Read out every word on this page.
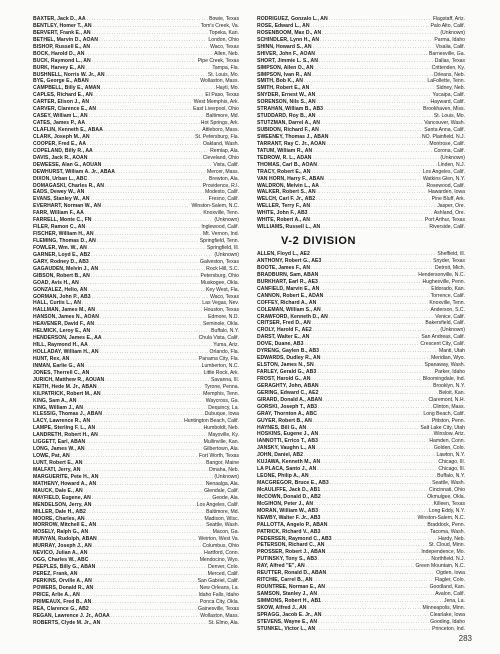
BAXTER, Jack D., AA . . .	Bowie, Texas
BENTLEY, Homer T., AN . . .	Tom's Creek, Va.
BERVERT, Frank E., AN . . .	Topeka, Kan.
BETHEL, Marvin D., AOAN . . .	London, Ohio
BISHOP, Russell E., AN . . .	Waco, Texas
BOCK, Harold D., AN . . .	Allen, Neb.
BUCK, Raymond L., AN . . .	Pipe Creek, Texas
BURK, Harvey E., AN . . .	Tampa, Fla.
BUSHNELL, Norris W. Jr., AN . . .	St. Louis, Mo.
BYE, George E., ABAN . . .	Wollaston, Mass.
CAMPBELL, Billy E., AMAN . . .	Hayti, Mo.
CAPLES, Richard E., AN . . .	El Paso, Texas
CARTER, Elison J., AN . . .	West Memphis, Ark.
CARVER, Clarence E., AN . . .	East Liverpool, Ohio
CASEY, William L., AN . . .	Baltimore, Md.
CATES, James P., AA . . .	Hot Springs, Ark.
CLAFLIN, Kenneth E., ABAA . . .	Attleboro, Mass.
CLARK, Joseph M., AN . . .	St. Petersburg, Fla.
COOPER, Fred E., AA . . .	Oakland, Wash.
COPELAND, Billy R., AA . . .	Remlap, Ala.
DAVIS, Jack R., AOAN . . .	Cleveland, Ohio
DEWEESE, Alan G., AOUAN . . .	Vista, Calif.
DEWHURST, William A. Jr., ABAA . . .	Mercer, Mass.
DIXON, Urban L., ABC . . .	Brewton, Ala.
DOMAGASKI, Charles R., AN . . .	Providence, R.I.
EADS, Dewey W., AN . . .	Modesto, Calif.
EVANS, Stanley W., AN . . .	Fresno, Calif.
EVERHART, Norman W., AN . . .	Winston-Salem, N.C.
FARR, William F., AA . . .	Knoxville, Tenn.
FARRELL, Monte C., FN . . .	(Unknown)
FILER, Ramon C., AN . . .	Inglewood, Calif.
FISCHER, William H., AN . . .	Mt. Vernon, Ind.
FLEMING, Thomas D., AN . . .	Springfield, Tenn.
FOWLER, Wm. W., AN . . .	Springfield, Ill.
GARNER, Loyd E., AB2 . . .	(Unknown)
GARY, Rodney D., AB3 . . .	Galveston, Texas
GAGAUDEN, Melvin J., AN . . .	Rock Hill, S.C.
GIBSON, Robert B., AN . . .	Petersburg, Ohio
GOAD, Avis H., AN . . .	Muskogee, Okla.
GONZALEZ, Helio, AN . . .	Key West, Fla.
GORMAN, John P., AB3 . . .	Waco, Texas
HALL, Curtis L., AN . . .	Las Vegas, Nev.
HALLMAN, James M., AN . . .	Houston, Texas
HANSON, James N., AOAN . . .	Edmore, N.D.
HEAVENER, David F., AN . . .	Seminole, Okla.
HELMICK, Leroy E., AN . . .	Buffalo, N.Y.
HENDERSON, James E., AA . . .	Chula Vista, Calif.
HILL, Raymond H., AA . . .	Yuma, Ariz.
HOLLADAY, William H., AN . . .	Orlando, Fla.
HUNT, Rex, AN . . .	Panama City, Fla.
INMAN, Earlie G., AN . . .	Lumberton, N.C.
JONES, Therrell C., AN . . .	Little Rock, Ark.
JURICH, Matthew R., AOUAN . . .	Savanna, Ill.
KEITH, Hede M. Jr., ABAN . . .	Tyrone, Penna.
KILPATRICK, Robert M., AN . . .	Memphis, Tenn.
KING, Sam A., AN . . .	Waycross, Ga.
KING, William J., AN . . .	Dequincy, La.
KLESSIG, Thomas J., ABAN . . .	Dubuque, Iowa
LACY, Lawrence R., AN . . .	Huntington Beach, Calif.
LAMPE, Sterling F. L., AN . . .	Humboldt, Neb.
LANDRETH, Robert H., AN . . .	Maysville, Ky.
LIGGETT, Earl, ABAN . . .	Mullinville, Kan.
LONG, James W., AN . . .	Gilbertown, Ala.
LOWE, Pat, AN . . .	Fort Worth, Texas
LUNT, Robert E., AN . . .	Bangor, Maine
MALFATI, Jerry, AN . . .	Omaha, Neb.
MARGUERITE, Pete H., AN . . .	(Unknown)
MATHENY, Howard A., AN . . .	Nenaalga, Ala.
MAUCK, Dale E., AN . . .	Glendale, Calif.
MAYFIELD, Eugene, AN . . .	Geode, Ala.
MENDELSON, Jerry, AN . . .	Los Angeles, Calif.
MILLER, Dale H., AB2 . . .	Baltimore, Md.
MOORE, Charles, AN . . .	Madison, Wisc.
MORROW, Mitchell E., AN . . .	Seattle, Wash.
MOSELY, Ralph G., AN . . .	Macon, Ga.
MUNYAN, Rudolph, ABAN . . .	Weirton, West Va.
MURRAY, Joseph J., AN . . .	Columbus, Ohio
NEVICO, Julian A., AN . . .	Hartford, Conn.
OGG, Charles W., ABC . . .	Mendocino, Wyo.
PEEPLES, Billy G., ABAN . . .	Denver, Colo.
PEREZ, Frank, AN . . .	Merced, Calif.
PERKINS, Orville A., AN . . .	San Gabriel, Calif.
POWERS, Donald R., AN . . .	New Orleans, La.
PRICE, Arlie A., AN . . .	Idaho Falls, Idaho
PRIMEAUX, Fred B., AN . . .	Ponca City, Okla.
REA, Clarence G., AB2 . . .	Gainesville, Texas
REGAN, Lawrence J. Jr., AOAA . . .	Wollaston, Mass.
ROBERTS, Clyde M. Jr., AN . . .	St. Elmo, Ala.
RODRIGUEZ, Gonzalo L., AN . . .	Flagstaff, Ariz.
ROSE, Edward L., AN . . .	Palo Alto, Calif.
ROSENBOOM, Max D., AN . . .	(Unknown)
SCHINDLER, Lynn H., AN . . .	Parma, Idaho
SHINN, Howard S., AN . . .	Visalia, Calif.
SHIVER, John F., AOAN . . .	Barnesville, Ga.
SHORT, Jimmie L. S., AN . . .	Dallas, Texas
SIMPSON, Allen O., AN . . .	Crittenden, Ky.
SIMPSON, Ivan R., AN . . .	Orleans, Neb.
SMITH, Bob K., AN . . .	LaFollette, Tenn.
SMITH, Robert E., AN . . .	Sidney, Neb.
SNYDER, Ernest W., AN . . .	Yucaipa, Calif.
SORENSON, Nils S., AN . . .	Hayward, Calif.
STRAHAN, William B., AB3 . . .	Brookhaven, Miss.
STUDDARD, Roy B., AN . . .	St. Louis, Mo.
STUTZMAN, Darrel A., AN . . .	Vancouver, Wash.
SUBIDON, Richard F., AN . . .	Santa Anna, Calif.
SWEENEY, Thomas J., ABAN . . .	NO. Plainfield, N.J.
TARRANT, Ray C. Jr., AOAN . . .	Montrose, Calif.
TATUM, William R., AN . . .	Corona, Calif.
TEDROW, R. L., ADAN . . .	(Unknown)
THOMAS, Carl B., AOAN . . .	Linden, N.J.
TRACY, Robert E., AN . . .	Los Angeles, Calif.
VAN HORN, Harry F., ABAN . . .	Watkins Glen, N.Y.
WALDRON, Melvin L., AA . . .	Rosewood, Calif.
WALKER, Robert S., AN . . .	Hawarden, Iowa
WELCH, Carl F. Jr., AB2 . . .	Pine Bluff, Ark.
WELLER, Terry F., AN . . .	Jasper, Ore.
WHITE, John F., AB3 . . .	Ashland, Ore.
WHITE, Robert A., AN . . .	Port Arthur, Texas
WILLIAMS, Russell L., AN . . .	Riverside, Calif.
V-2 DIVISION
ALLEN, Floyd L., AE2 . . .	Sheffield, Ill.
ANTHONY, Robert G., AE3 . . .	Snyder, Texas
BOOTE, James F., AN . . .	Detroit, Mich.
BRADBURN, Sam, ABAN . . .	Hendersonville, N.C.
BURKHART, Earl R., AE3 . . .	Hughesville, Penn.
CANFIELD, Marvin E., AN . . .	Eldorado, Kan.
CANNON, Robert E., ADAN . . .	Torrence, Calif.
COFFEY, Richard A., AN . . .	Knoxville, Tenn.
COLEMAN, William S., AN . . .	Anderson, S.C.
CRAWFORD, Kenneth D., AN . . .	Venice, Calif.
CRITSER, Fred D., AN . . .	Bakersfield, Calif.
CROLY, Harold F., AE2 . . .	(Unknown)
DARST, Walter E., AN . . .	San Andreas, Calif.
DOVE, Duane, AB3 . . .	Crescent City, Calif.
DYRENG, Gaylen B., AB3 . . .	Manti, Utah
EDWARDS, Dudley R., AN . . .	Meridian, Wyo.
ELSTON, James N., SN . . .	Spanaway, Wash.
FARLEY, Gerald G., AB3 . . .	Parker, Idaho
FROST, Harold G., AN . . .	Bloomingdale, Ind.
GERAGHTY, John, ABAN . . .	Brooklyn, N.Y.
GERING, Edward C., AE2 . . .	Beloit, Kan.
GIRARD, Donald A., ABAN . . .	Claremont, N.H.
GORSKI, Joseph T., AB3 . . .	Clinton, Mass.
GRAY, Thornton A., ABC . . .	Long Beach, Calif.
GUYER, Robert B., AN . . .	Pittston, Penn.
HAYNES, Bill G., AN . . .	Salt Lake City, Utah
HOSKINS, Eugene J., AN . . .	Winslow, Ariz.
IANNOTTI, Errico T., AB3 . . .	Hamden, Conn.
JANSKY, Vaughn L., AN . . .	Golden, Colo.
JOHN, Daniel, AB2 . . .	Lawton, N.Y.
KUJAWA, Kenneth M., AN . . .	Chicago, Ill.
LA PLACA, Santo J., AN . . .	Chicago, Ill.
LEONE, Philip A., AN . . .	Buffalo, N.Y.
MACGREGOR, Bruce E., AB3 . . .	Seattle, Wash.
McAULIFFE, Jack D., AB1 . . .	Cincinnati, Ohio
McCOWN, Donald D., AB2 . . .	Okmulgee, Okla.
McGIHON, Peter J., AN . . .	Killeen, Texas
MORAN, William W., AB3 . . .	Long Eddy, N.Y.
NEWBY, Walter F. Jr., AB3 . . .	Winston-Salem, N.C.
PALLOTTA, Angelo P., ABAN . . .	Braddock, Penn.
PATRICK, Richard V., AB3 . . .	Tacoma, Wash.
PEDERSEN, Raymond C., AB3 . . .	Hardy, Neb.
PETERSON, Richard C., AN . . .	St. Cloud, Minn.
PROSSER, Robert J., ABAN . . .	Independence, Mo.
PUTINSKY, Tony S., AB3 . . .	Northfield, N.J.
RAY, Alfred "E", AN . . .	Green Mountain, N.C.
REUTTER, Ronald D., ABAN . . .	Ogden, Iowa
RITCHIE, Carrel B., AN . . .	Flagler, Colo.
ROUNTREE, Norman E., AN . . .	Goodland, Kan.
SAMSON, Stanley J., AN . . .	Avalon, Calif.
SIMMONS, Robert H., AB1 . . .	Jena, La.
SKOW, Alfred J., AN . . .	Minneapolis, Minn.
SPRAGG, Jacob E. Jr., AN . . .	Clearlake, Iowa
STEVENS, Wayne E., AN . . .	Gooding, Idaho
STUNKEL, Victor L., AN . . .	Princeton, Ind.
283
